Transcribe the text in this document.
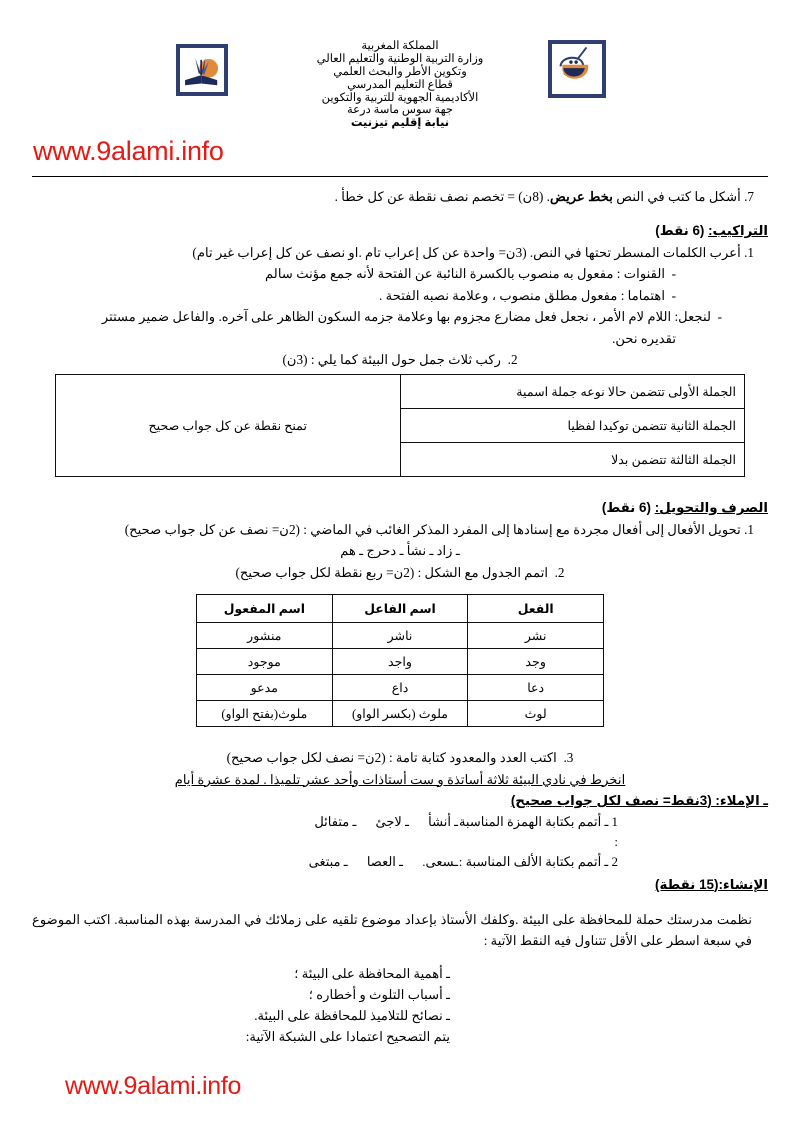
المملكة المغربية
وزارة التربية الوطنية والتعليم العالي
وتكوين الأطر والبحث العلمي
قطاع التعليم المدرسي
الأكاديمية الجهوية للتربية والتكوين
جهة سوس ماسة درعة
نيابة إقليم تيزنيت
www.9alami.info

7. أشكل ما كتب في النص بخط عريض. (8ن) = تخصم نصف نقطة عن كل خطأ .

التراكيب: (6 نقط)

1. أعرب الكلمات المسطر تحتها في النص. (3ن= واحدة عن كل إعراب تام .او نصف عن كل إعراب غير تام)

-  القنوات : مفعول به منصوب بالكسرة النائبة عن الفتحة لأنه جمع مؤنث سالم

-  اهتماما : مفعول مطلق منصوب ، وعلامة نصبه الفتحة .

-  لنجعل: اللام لام الأمر ، نجعل فعل مضارع مجزوم بها وعلامة جزمه السكون الظاهر على آخره. والفاعل ضمير مستتر

تقديره نحن.

2.  ركب ثلاث جمل حول البيئة كما يلي : (3ن)

الجملة الأولى تتضمن حالا نوعه جملة اسمية	تمنح نقطة عن كل جواب صحيح
الجملة الثانية تتضمن توكيدا لفظيا
الجملة الثالثة تتضمن بدلا

الصرف والتحويل: (6 نقط)

1. تحويل الأفعال إلى أفعال مجردة مع إسنادها إلى المفرد المذكر الغائب في الماضي : (2ن= نصف عن كل جواب صحيح)

ـ زاد ـ نشأ ـ دحرج ـ هم

2.  اتمم الجدول مع الشكل : (2ن= ربع نقطة لكل جواب صحيح)

الفعل	اسم الفاعل	اسم المفعول
نشر	ناشر	منشور
وجد	واجد	موجود
دعا	داع	مدعو
لوث	ملوث (بكسر الواو)	ملوث(بفتح الواو)

3.  اكتب العدد والمعدود كتابة تامة : (2ن= نصف لكل جواب صحيح)

انخرط في نادي البيئة ثلاثة أساتذة و ست أستاذات وأحد عشر تلميذا . لمدة عشرة أيام

ـ الإملاء: (3نقط= نصف لكل جواب صحيح)

1 ـ أتمم بكتابة الهمزة المناسبة :
ـ أنشأ ـ لاجئ ـ متفائل
2 ـ أتمم بكتابة الألف المناسبة :
ـسعى. ـ العصا ـ مبتغى

الإنشاء:(15 نقطة)

نظمت مدرستك حملة للمحافظة على البيئة .وكلفك الأستاذ بإعداد موضوع تلقيه على زملائك في المدرسة بهذه المناسبة. اكتب الموضوع في سبعة اسطر على الأقل تتناول فيه النقط الآتية :

ـ أهمية المحافظة على البيئة ؛
ـ أسباب التلوث و أخطاره ؛
ـ نصائح للتلاميذ للمحافظة على البيئة.
يتم التصحيح اعتمادا على الشبكة الآتية:
www.9alami.info
